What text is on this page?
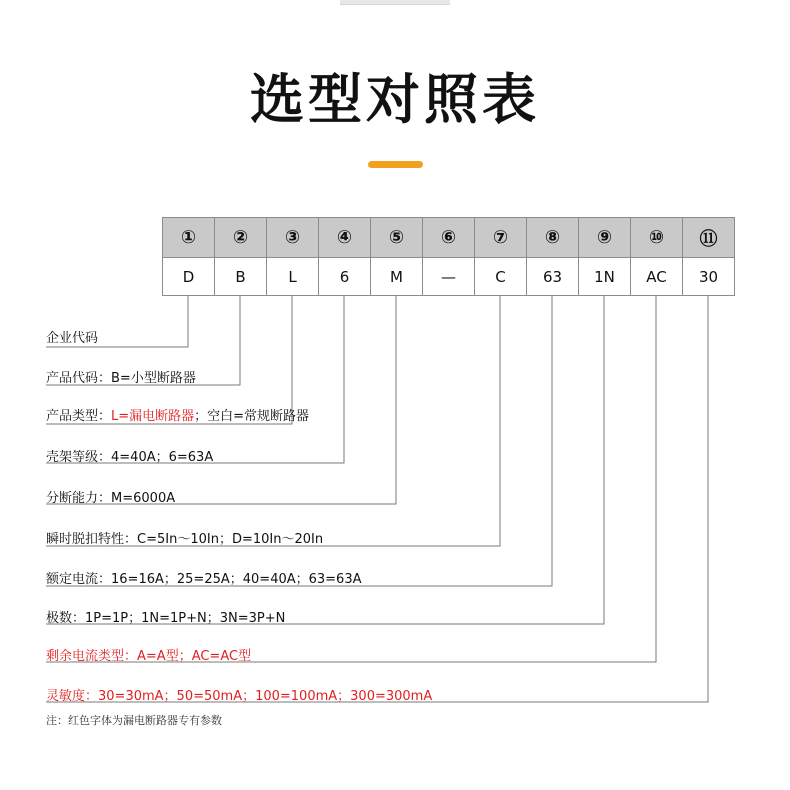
选型对照表
①	②	③	④	⑤	⑥	⑦	⑧	⑨	⑩	⑪
D	B	L	6	M	—	C	63	1N	AC	30
企业代码
产品代码：B=小型断路器
产品类型：L=漏电断路器；空白=常规断路器
壳架等级：4=40A；6=63A
分断能力：M=6000A
瞬时脱扣特性：C=5In～10In；D=10In～20In
额定电流：16=16A；25=25A；40=40A；63=63A
极数：1P=1P；1N=1P+N；3N=3P+N
剩余电流类型：A=A型；AC=AC型
灵敏度：30=30mA；50=50mA；100=100mA；300=300mA
注：红色字体为漏电断路器专有参数
